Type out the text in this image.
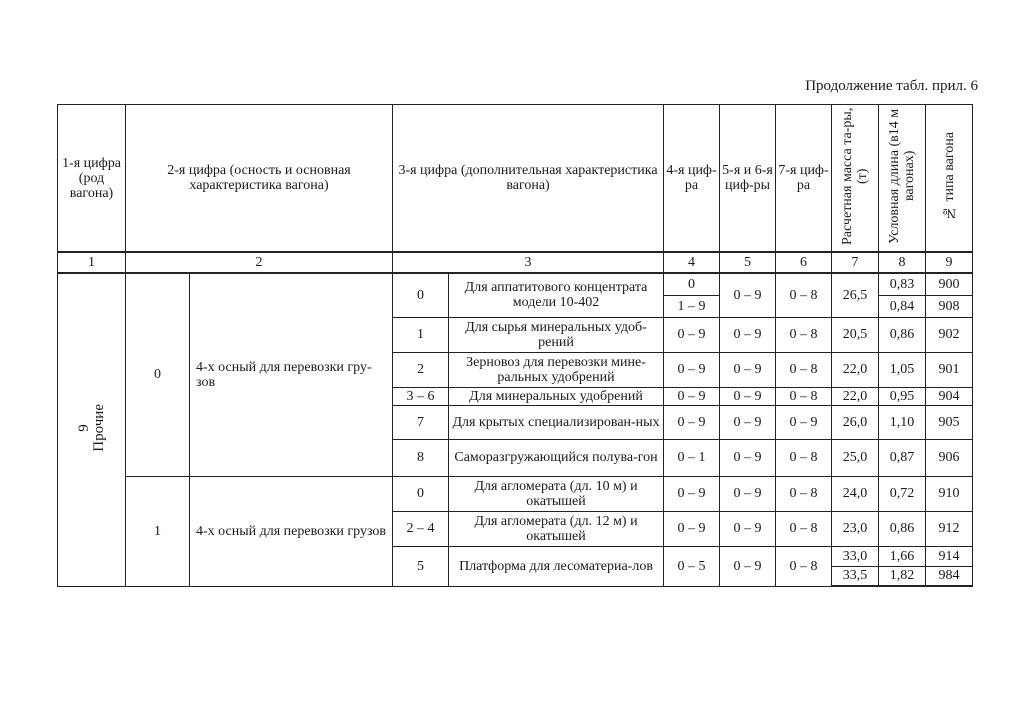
Продолжение табл. прил. 6
1-я цифра (род вагона)	2-я цифра (осность и основная характеристика вагона)		3-я цифра (дополнительная характеристика вагона)		4-я циф-ра	5-я и 6-я циф-ры	7-я циф-ра	Расчетная масса та-ры, (т)	Условная длина (в14 м вагонах)	№ типа вагона
1	2		3		4	5	6	7	8	9
9
Прочие	0	4-х осный для перевозки гру-зов	0	Для аппатитового концентрата модели 10-402	0	0 – 9	0 – 8	26,5	0,83	900
					1 – 9				0,84	908
			1	Для сырья минеральных удоб-рений	0 – 9	0 – 9	0 – 8	20,5	0,86	902
			2	Зерновоз для перевозки мине-ральных удобрений	0 – 9	0 – 9	0 – 8	22,0	1,05	901
			3 – 6	Для минеральных удобрений	0 – 9	0 – 9	0 – 8	22,0	0,95	904
			7	Для крытых специализирован-ных	0 – 9	0 – 9	0 – 9	26,0	1,10	905
			8	Саморазгружающийся полува-гон	0 – 1	0 – 9	0 – 8	25,0	0,87	906

	1	4-х осный для перевозки грузов	0	Для агломерата (дл. 10 м) и окатышей	0 – 9	0 – 9	0 – 8	24,0	0,72	910
			2 – 4	Для агломерата (дл. 12 м) и окатышей	0 – 9	0 – 9	0 – 8	23,0	0,86	912
			5	Платформа для лесоматериа-лов	0 – 5	0 – 9	0 – 8	33,0	1,66	914
								33,5	1,82	984
